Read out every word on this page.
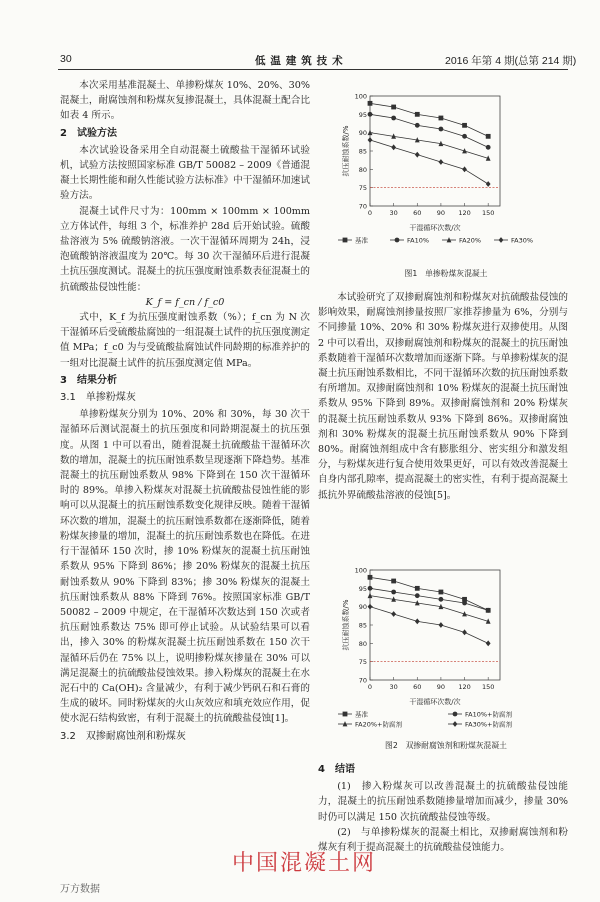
30	低 温 建 筑 技 术	2016 年第 4 期(总第 214 期)

本次采用基准混凝土、单掺粉煤灰 10%、20%、30% 混凝土，耐腐蚀剂和粉煤灰复掺混凝土，具体混凝土配合比如表 4 所示。

2　试验方法

本次试验设备采用全自动混凝土硫酸盐干湿循环试验机，试验方法按照国家标准 GB/T 50082 – 2009《普通混凝土长期性能和耐久性能试验方法标准》中干湿循环加速试验方法。

混凝土试件尺寸为：100mm × 100mm × 100mm 立方体试件，每组 3 个，标准养护 28d 后开始试验。硫酸盐溶液为 5% 硫酸钠溶液。一次干湿循环周期为 24h，浸泡硫酸钠溶液温度为 20℃。每 30 次干湿循环后进行混凝土抗压强度测试。混凝土的抗压强度耐蚀系数表征混凝土的抗硫酸盐侵蚀性能：

K_f = f_cn / f_c0

式中，K_f 为抗压强度耐蚀系数（%）；f_cn 为 N 次干湿循环后受硫酸盐腐蚀的一组混凝土试件的抗压强度测定值 MPa；f_c0 为与受硫酸盐腐蚀试件同龄期的标准养护的一组对比混凝土试件的抗压强度测定值 MPa。

3　结果分析

3.1　单掺粉煤灰

单掺粉煤灰分别为 10%、20% 和 30%，每 30 次干湿循环后测试混凝土的抗压强度和同龄期混凝土的抗压强度。从图 1 中可以看出，随着混凝土抗硫酸盐干湿循环次数的增加，混凝土的抗压耐蚀系数呈现逐渐下降趋势。基准混凝土的抗压耐蚀系数从 98% 下降到在 150 次干湿循环时的 89%。单掺入粉煤灰对混凝土抗硫酸盐侵蚀性能的影响可以从混凝土的抗压耐蚀系数变化规律反映。随着干湿循环次数的增加，混凝土的抗压耐蚀系数都在逐渐降低，随着粉煤灰掺量的增加，混凝土的抗压耐蚀系数也在降低。在进行干湿循环 150 次时，掺 10% 粉煤灰的混凝土抗压耐蚀系数从 95% 下降到 86%；掺 20% 粉煤灰的混凝土抗压耐蚀系数从 90% 下降到 83%；掺 30% 粉煤灰的混凝土抗压耐蚀系数从 88% 下降到 76%。按照国家标准 GB/T 50082 – 2009 中规定，在干湿循环次数达到 150 次或者抗压耐蚀系数达 75% 即可停止试验。从试验结果可以看出，掺入 30% 的粉煤灰混凝土抗压耐蚀系数在 150 次干湿循环后仍在 75% 以上，说明掺粉煤灰掺量在 30% 可以满足混凝土的抗硫酸盐侵蚀效果。掺入粉煤灰的混凝土在水泥石中的 Ca(OH)₂ 含量减少，有利于减少钙矾石和石膏的生成的破坏。同时粉煤灰的火山灰效应和填充效应作用，促使水泥石结构致密，有利于混凝土的抗硫酸盐侵蚀[1]。

3.2　双掺耐腐蚀剂和粉煤灰

70
75
80
85
90
95
100
0	30 60 90 120 150
干湿循环次数/次
抗压耐蚀系数/%
基准	FA10%	FA20%	FA30%
图1　单掺粉煤灰混凝土

本试验研究了双掺耐腐蚀剂和粉煤灰对抗硫酸盐侵蚀的影响效果，耐腐蚀剂掺量按照厂家推荐掺量为 6%，分别与不同掺量 10%、20% 和 30% 粉煤灰进行双掺使用。从图 2 中可以看出，双掺耐腐蚀剂和粉煤灰的混凝土的抗压耐蚀系数随着干湿循环次数增加而逐渐下降。与单掺粉煤灰的混凝土抗压耐蚀系数相比，不同干湿循环次数的抗压耐蚀系数有所增加。双掺耐腐蚀剂和 10% 粉煤灰的混凝土抗压耐蚀系数从 95% 下降到 89%。双掺耐腐蚀剂和 20% 粉煤灰的混凝土抗压耐蚀系数从 93% 下降到 86%。双掺耐腐蚀剂和 30% 粉煤灰的混凝土抗压耐蚀系数从 90% 下降到 80%。耐腐蚀剂组成中含有膨胀组分、密实组分和激发组分，与粉煤灰进行复合使用效果更好，可以有效改善混凝土自身内部孔隙率，提高混凝土的密实性，有利于提高混凝土抵抗外界硫酸盐溶液的侵蚀[5]。

70
75
80
85
90
95
100
0	30 60 90 120 150
干湿循环次数/次
抗压耐蚀系数/%
基准	FA10%+防腐剂
FA20%+防腐剂	FA30%+防腐剂
图2　双掺耐腐蚀剂和粉煤灰混凝土

4　结语

(1)　掺入粉煤灰可以改善混凝土的抗硫酸盐侵蚀能力，混凝土的抗压耐蚀系数随掺量增加而减少，掺量 30% 时仍可以满足 150 次抗硫酸盐侵蚀等级。

(2)　与单掺粉煤灰的混凝土相比，双掺耐腐蚀剂和粉煤灰有利于提高混凝土的抗硫酸盐侵蚀能力。

中国混凝土网
万方数据
